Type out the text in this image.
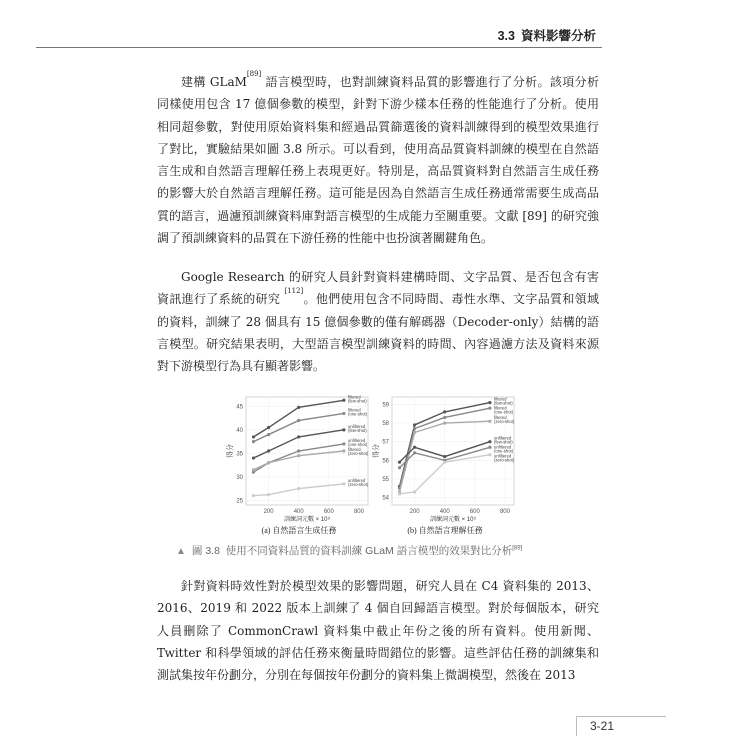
3.3 資料影響分析

建構 GLaM[89] 語言模型時，也對訓練資料品質的影響進行了分析。該項分析同樣使用包含 17 億個參數的模型，針對下游少樣本任務的性能進行了分析。使用相同超參數，對使用原始資料集和經過品質篩選後的資料訓練得到的模型效果進行了對比，實驗結果如圖 3.8 所示。可以看到，使用高品質資料訓練的模型在自然語言生成和自然語言理解任務上表現更好。特別是，高品質資料對自然語言生成任務的影響大於自然語言理解任務。這可能是因為自然語言生成任務通常需要生成高品質的語言，過濾預訓練資料庫對語言模型的生成能力至關重要。文獻 [89] 的研究強調了預訓練資料的品質在下游任務的性能中也扮演著關鍵角色。

Google Research 的研究人員針對資料建構時間、文字品質、是否包含有害資訊進行了系統的研究 [112]。他們使用包含不同時間、毒性水準、文字品質和領域的資料，訓練了 28 個具有 15 億個參數的僅有解碼器（Decoder-only）結構的語言模型。研究結果表明，大型語言模型訓練資料的時間、內容過濾方法及資料來源對下游模型行為具有顯著影響。

25
30
35
40
45
200	400	600	800
得分
訓練詞元數 × 10⁹
(a) 自然語言生成任務
filtered
(few-shot)
filtered
(one-shot)
unfiltered
(few-shot)
unfiltered
(one-shot)
filtered
(zero-shot)
unfiltered
(zero-shot)
54
55
56
57
58
59
200	400	600	800
得分
訓練詞元數 × 10⁹
(b) 自然語言理解任務
filtered
(few-shot)
filtered
(one-shot)
filtered
(zero-shot)
unfiltered
(few-shot)
unfiltered
(one-shot)
unfiltered
(zero-shot)
▲ 圖 3.8 使用不同資料品質的資料訓練 GLaM 語言模型的效果對比分析[89]

針對資料時效性對於模型效果的影響問題，研究人員在 C4 資料集的 2013、2016、2019 和 2022 版本上訓練了 4 個自回歸語言模型。對於每個版本，研究人員刪除了 CommonCrawl 資料集中截止年份之後的所有資料。使用新聞、Twitter 和科學領域的評估任務來衡量時間錯位的影響。這些評估任務的訓練集和測試集按年份劃分，分別在每個按年份劃分的資料集上微調模型，然後在 2013

3-21
